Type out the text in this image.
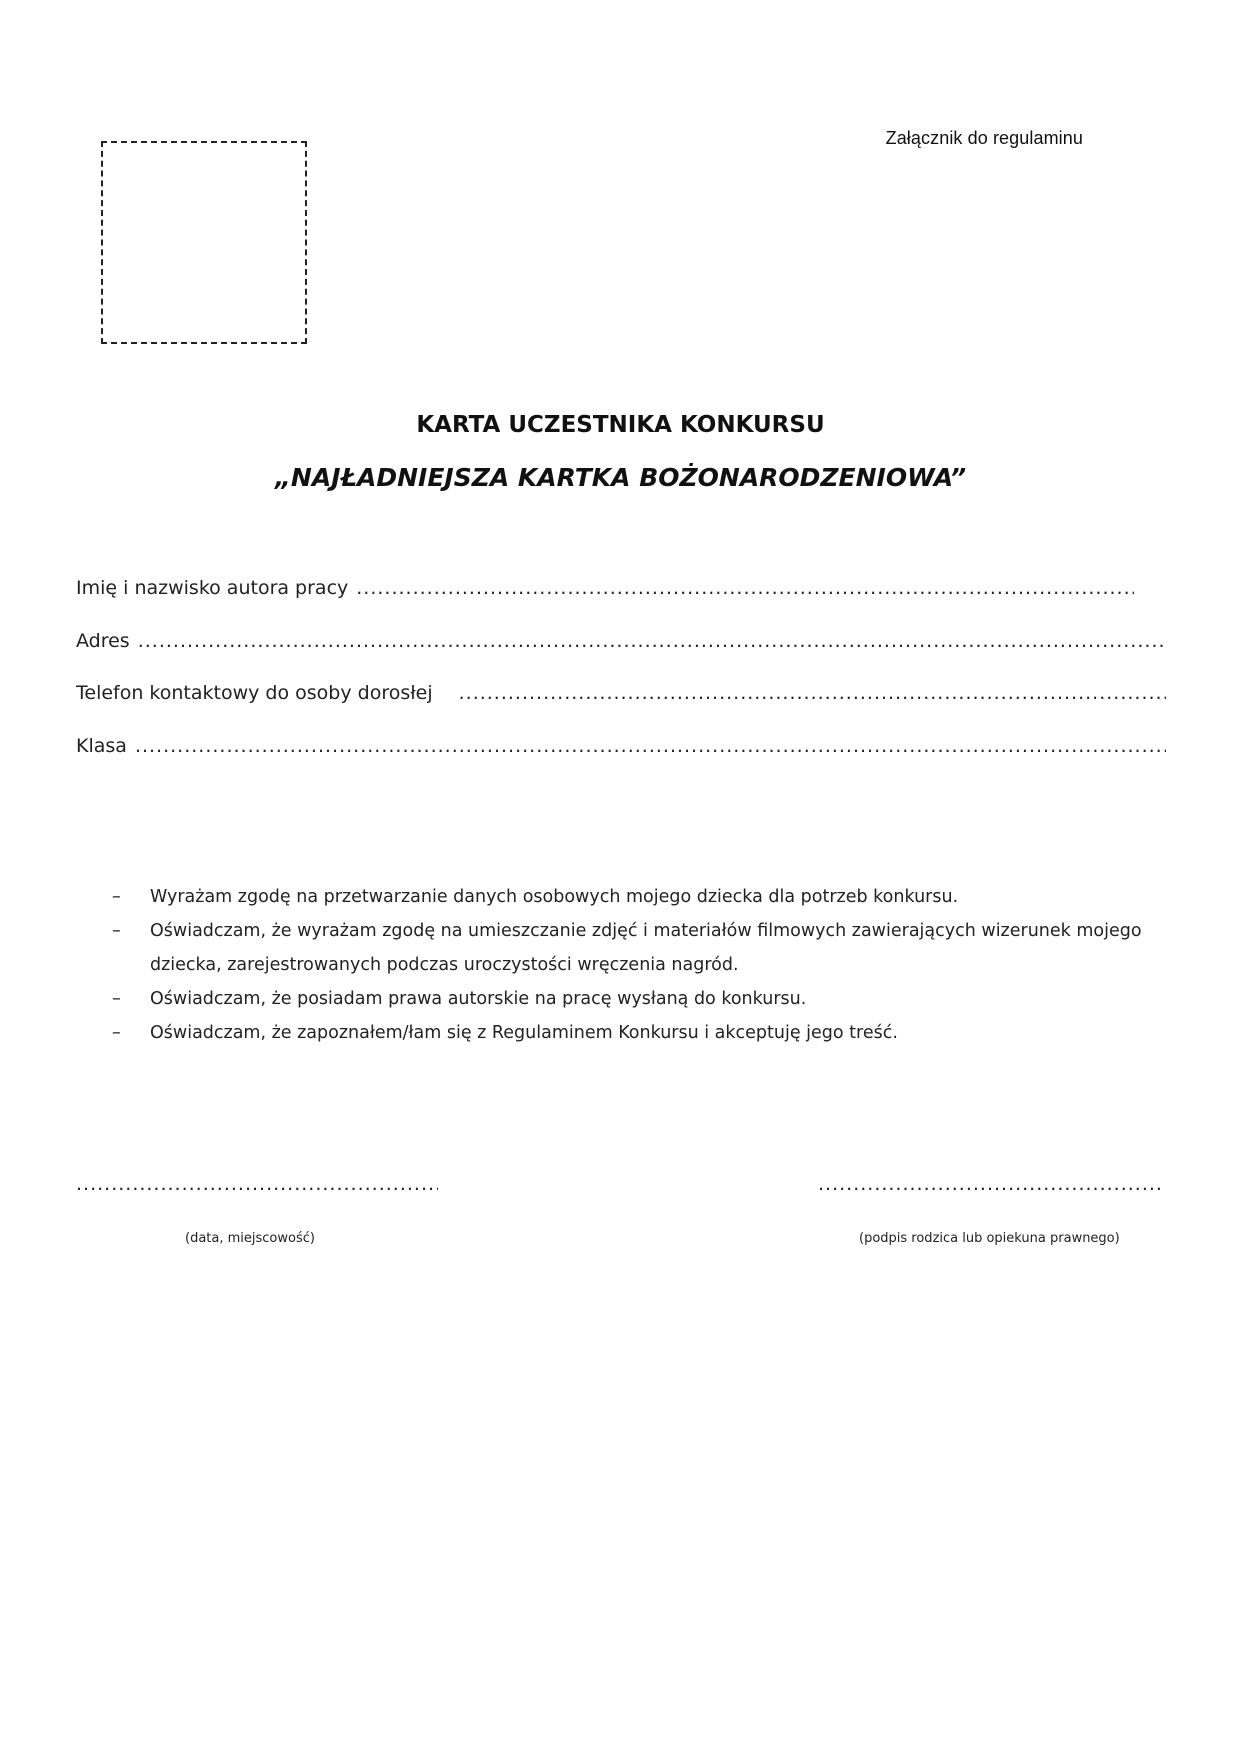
Załącznik do regulaminu
KARTA UCZESTNIKA KONKURSU
„NAJŁADNIEJSZA KARTKA BOŻONARODZENIOWA”
Imię i nazwisko autora pracy
.....
Adres
.....
Telefon kontaktowy do osoby dorosłej
.....
Klasa
.....
– Wyrażam zgodę na przetwarzanie danych osobowych mojego dziecka dla potrzeb konkursu.
– Oświadczam, że wyrażam zgodę na umieszczanie zdjęć i materiałów filmowych zawierających wizerunek mojego dziecka, zarejestrowanych podczas uroczystości wręczenia nagród.
– Oświadczam, że posiadam prawa autorskie na pracę wysłaną do konkursu.
– Oświadczam, że zapoznałem/łam się z Regulaminem Konkursu i akceptuję jego treść.
.....
.....
(data, miejscowość)	(podpis rodzica lub opiekuna prawnego)
